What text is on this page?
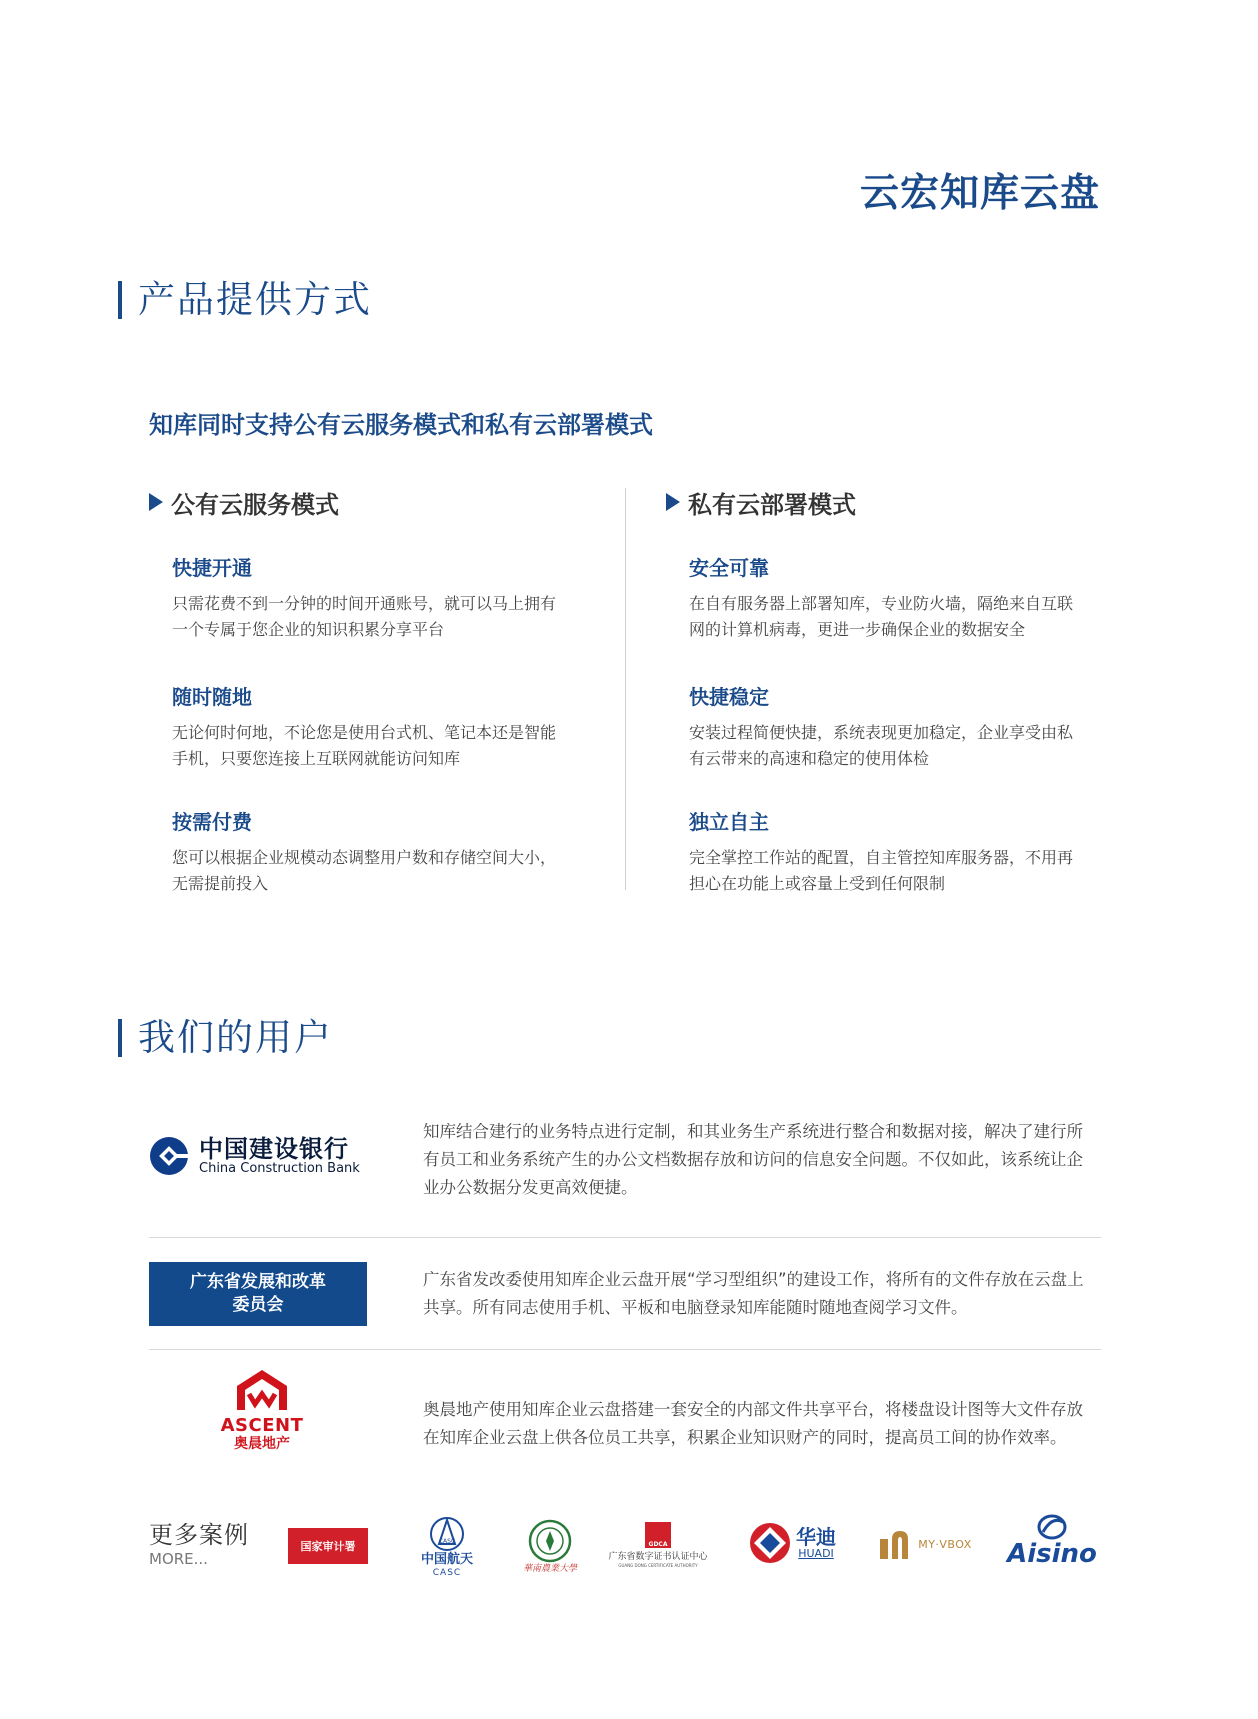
云宏知库云盘
产品提供方式
知库同时支持公有云服务模式和私有云部署模式
公有云服务模式
快捷开通
只需花费不到一分钟的时间开通账号，就可以马上拥有
一个专属于您企业的知识积累分享平台
随时随地
无论何时何地，不论您是使用台式机、笔记本还是智能
手机，只要您连接上互联网就能访问知库
按需付费
您可以根据企业规模动态调整用户数和存储空间大小，
无需提前投入
私有云部署模式
安全可靠
在自有服务器上部署知库，专业防火墙，隔绝来自互联
网的计算机病毒，更进一步确保企业的数据安全
快捷稳定
安装过程简便快捷，系统表现更加稳定，企业享受由私
有云带来的高速和稳定的使用体检
独立自主
完全掌控工作站的配置，自主管控知库服务器，不用再
担心在功能上或容量上受到任何限制
我们的用户
中国建设银行
China Construction Bank
知库结合建行的业务特点进行定制，和其业务生产系统进行整合和数据对接，解决了建行所
有员工和业务系统产生的办公文档数据存放和访问的信息安全问题。不仅如此，该系统让企
业办公数据分发更高效便捷。
广东省发展和改革
委员会
广东省发改委使用知库企业云盘开展“学习型组织”的建设工作，将所有的文件存放在云盘上
共享。所有同志使用手机、平板和电脑登录知库能随时随地查阅学习文件。
ASCENT
奥晨地产
奥晨地产使用知库企业云盘搭建一套安全的内部文件共享平台，将楼盘设计图等大文件存放
在知库企业云盘上供各位员工共享，积累企业知识财产的同时，提高员工间的协作效率。
更多案例
MORE...
国家审计署	CASC
中国航天
CASC	華南農業大學
GDCA
广东省数字证书认证中心
GUANG DONG CERTIFICATE AUTHORITY
华迪
HUADI
MY·VBOX Aisino
